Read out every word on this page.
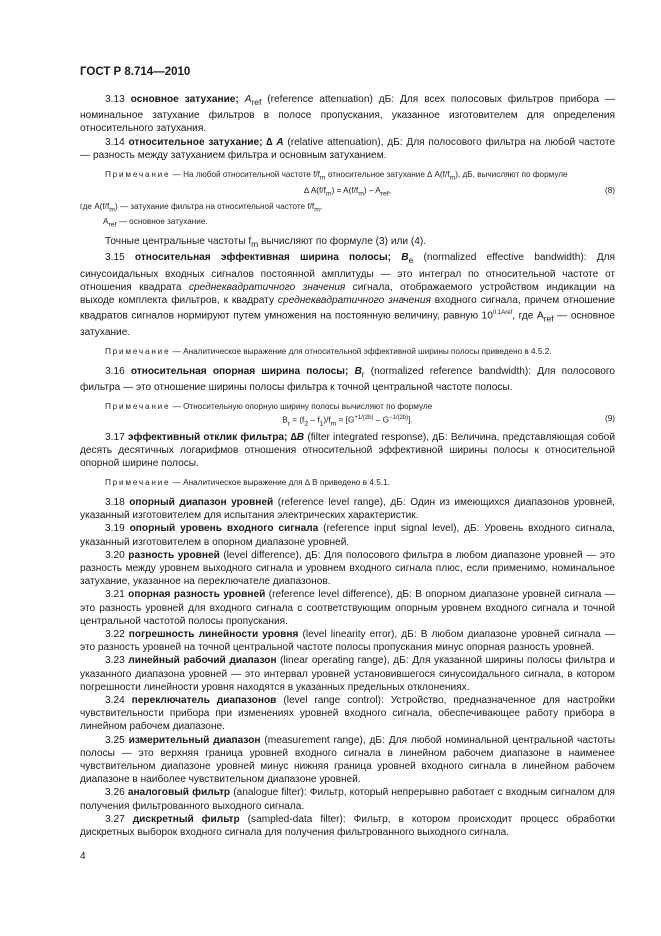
ГОСТ Р 8.714—2010

3.13 основное затухание; $A_{ref}$ (reference attenuation) дБ: Для всех полосовых фильтров прибора — номинальное затухание фильтров в полосе пропускания, указанное изготовителем для определения относительного затухания.

3.14 относительное затухание; ∆ A (relative attenuation), дБ: Для полосового фильтра на любой частоте — разность между затуханием фильтра и основным затуханием.

Примечание — На любой относительной частоте $f/f_m$ относительное затухание ∆ $A(f/f_m)$, дБ, вычисляют по формуле

∆ $A(f/f_m) = A(f/f_m) - A_{ref}$,	(8)

где $A(f/f_m)$ — затухание фильтра на относительной частоте $f/f_m$,

$A_{ref}$ — основное затухание.

Точные центральные частоты $f_m$ вычисляют по формуле (3) или (4).

3.15 относительная эффективная ширина полосы; $B_e$ (normalized effective bandwidth): Для синусоидальных входных сигналов постоянной амплитуды — это интеграл по относительной частоте от отношения квадрата среднеквадратичного значения сигнала, отображаемого устройством индикации на выходе комплекта фильтров, к квадрату среднеквадратичного значения входного сигнала, причем отношение квадратов сигналов нормируют путем умножения на постоянную величину, равную $10^{0,1Aref}$, где $A_{ref}$ — основное затухание.

Примечание — Аналитическое выражение для относительной эффективной ширины полосы приведено в 4.5.2.

3.16 относительная опорная ширина полосы; $B_r$ (normalized reference bandwidth): Для полосового фильтра — это отношение ширины полосы фильтра к точной центральной частоте полосы.

Примечание — Относительную опорную ширину полосы вычисляют по формуле

$B_r = (f_2 - f_1)/f_m = [G^{+1/(2b)} - G^{-1/(2b)}]$.	(9)

3.17 эффективный отклик фильтра; ∆B (filter integrated response), дБ: Величина, представляющая собой десять десятичных логарифмов отношения относительной эффективной ширины полосы к относительной опорной ширине полосы.

Примечание — Аналитическое выражение для ∆ B приведено в 4.5.1.

3.18 опорный диапазон уровней (reference level range), дБ: Один из имеющихся диапазонов уровней, указанный изготовителем для испытания электрических характеристик.

3.19 опорный уровень входного сигнала (reference input signal level), дБ: Уровень входного сигнала, указанный изготовителем в опорном диапазоне уровней.

3.20 разность уровней (level difference), дБ: Для полосового фильтра в любом диапазоне уровней — это разность между уровнем выходного сигнала и уровнем входного сигнала плюс, если применимо, номинальное затухание, указанное на переключателе диапазонов.

3.21 опорная разность уровней (reference level difference), дБ: В опорном диапазоне уровней сигнала — это разность уровней для входного сигнала с соответствующим опорным уровнем входного сигнала и точной центральной частотой полосы пропускания.

3.22 погрешность линейности уровня (level linearity error), дБ: В любом диапазоне уровней сигнала — это разность уровней на точной центральной частоте полосы пропускания минус опорная разность уровней.

3.23 линейный рабочий диапазон (linear operating range), дБ: Для указанной ширины полосы фильтра и указанного диапазона уровней — это интервал уровней установившегося синусоидального сигнала, в котором погрешности линейности уровня находятся в указанных предельных отклонениях.

3.24 переключатель диапазонов (level range control): Устройство, предназначенное для настройки чувствительности прибора при изменениях уровней входного сигнала, обеспечивающее работу прибора в линейном рабочем диапазоне.

3.25 измерительный диапазон (measurement range), дБ: Для любой номинальной центральной частоты полосы — это верхняя граница уровней входного сигнала в линейном рабочем диапазоне в наименее чувствительном диапазоне уровней минус нижняя граница уровней входного сигнала в линейном рабочем диапазоне в наиболее чувствительном диапазоне уровней.

3.26 аналоговый фильтр (analogue filter): Фильтр, который непрерывно работает с входным сигналом для получения фильтрованного выходного сигнала.

3.27 дискретный фильтр (sampled-data filter): Фильтр, в котором происходит процесс обработки дискретных выборок входного сигнала для получения фильтрованного выходного сигнала.

4
